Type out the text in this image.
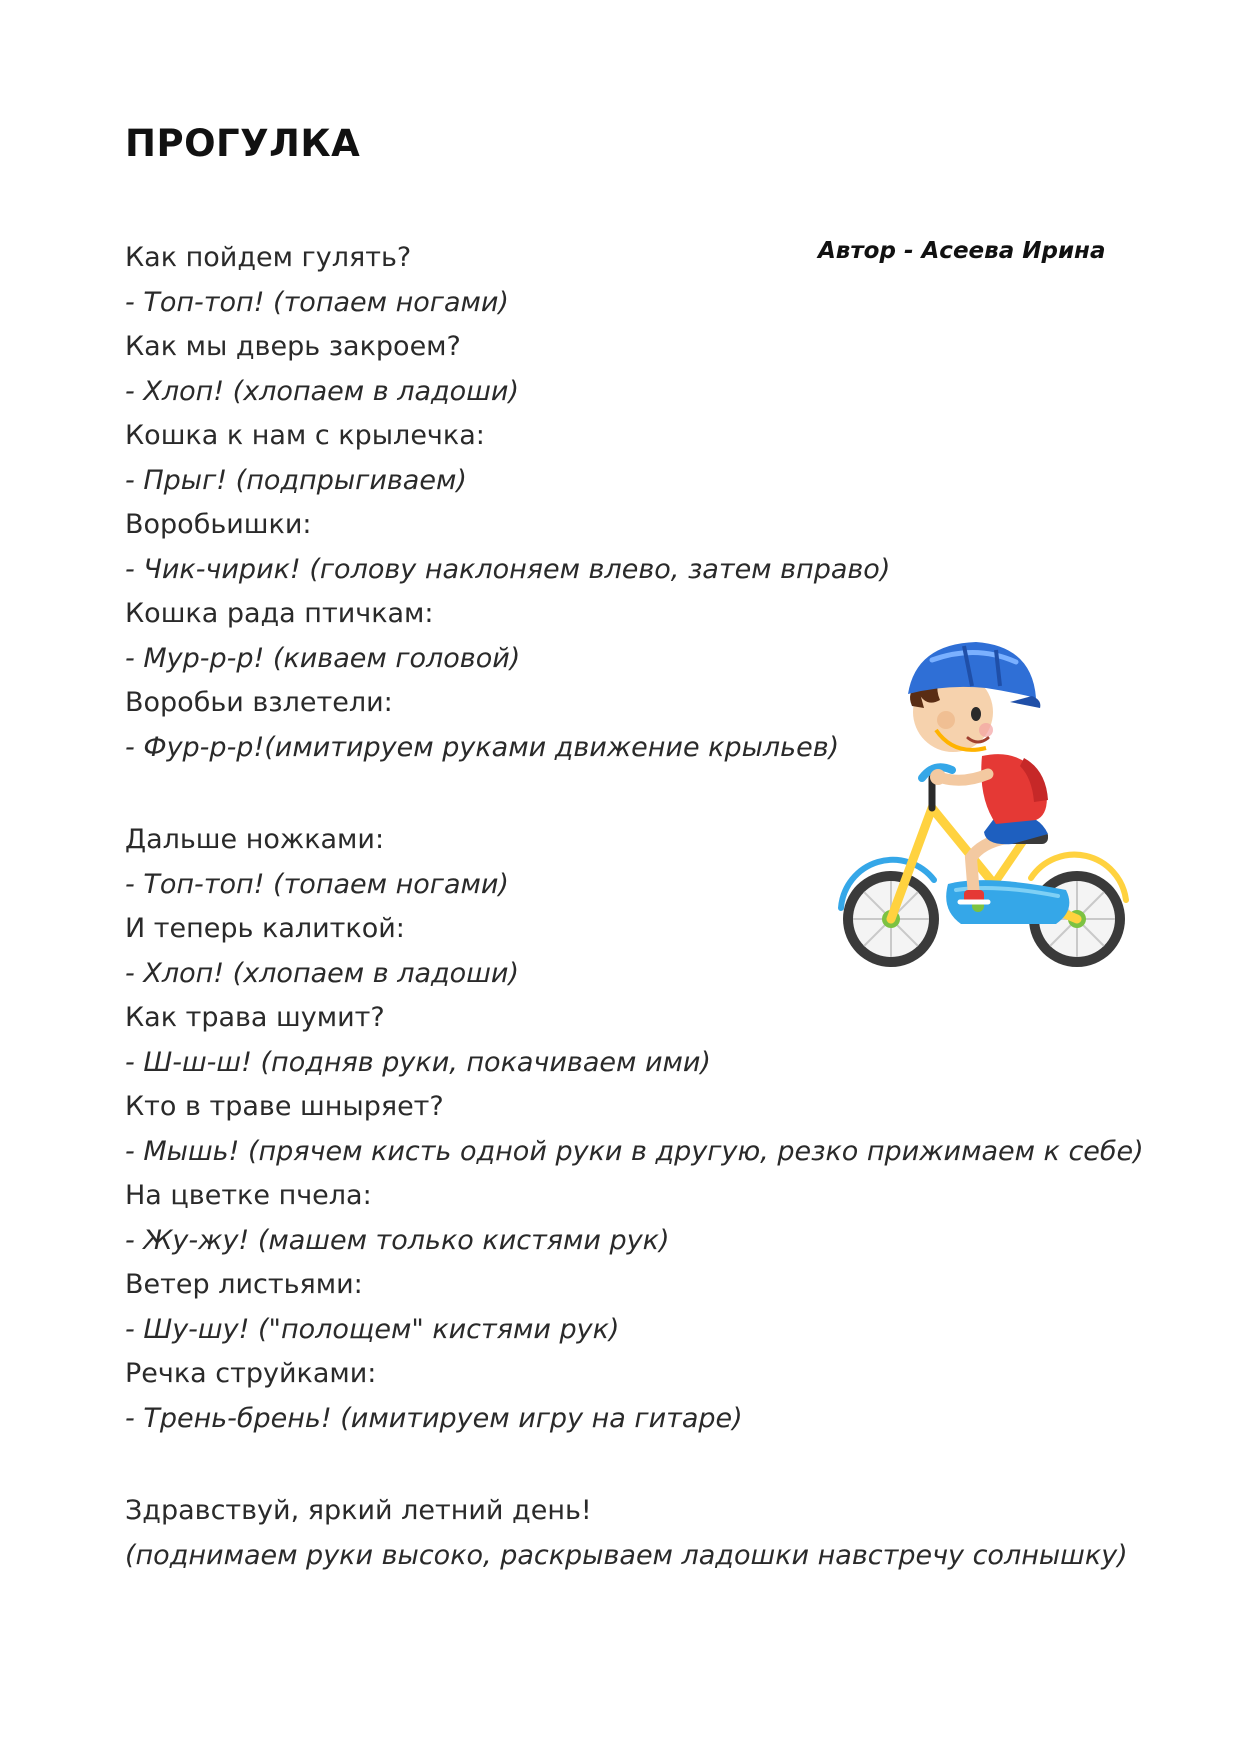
ПРОГУЛКА
Автор - Асеева Ирина
Как пойдем гулять?
- Топ-топ! (топаем ногами)
Как мы дверь закроем?
- Хлоп! (хлопаем в ладоши)
Кошка к нам с крылечка:
- Прыг! (подпрыгиваем)
Воробьишки:
- Чик-чирик! (голову наклоняем влево, затем вправо)
Кошка рада птичкам:
- Мур-р-р! (киваем головой)
Воробьи взлетели:
- Фур-р-р!(имитируем руками движение крыльев)
Дальше ножками:
- Топ-топ! (топаем ногами)
И теперь калиткой:
- Хлоп! (хлопаем в ладоши)
Как трава шумит?
- Ш-ш-ш! (подняв руки, покачиваем ими)
Кто в траве шныряет?
- Мышь! (прячем кисть одной руки в другую, резко прижимаем к себе)
На цветке пчела:
- Жу-жу! (машем только кистями рук)
Ветер листьями:
- Шу-шу! ("полощем" кистями рук)
Речка струйками:
- Трень-брень! (имитируем игру на гитаре)
Здравствуй, яркий летний день!
(поднимаем руки высоко, раскрываем ладошки навстречу солнышку)
